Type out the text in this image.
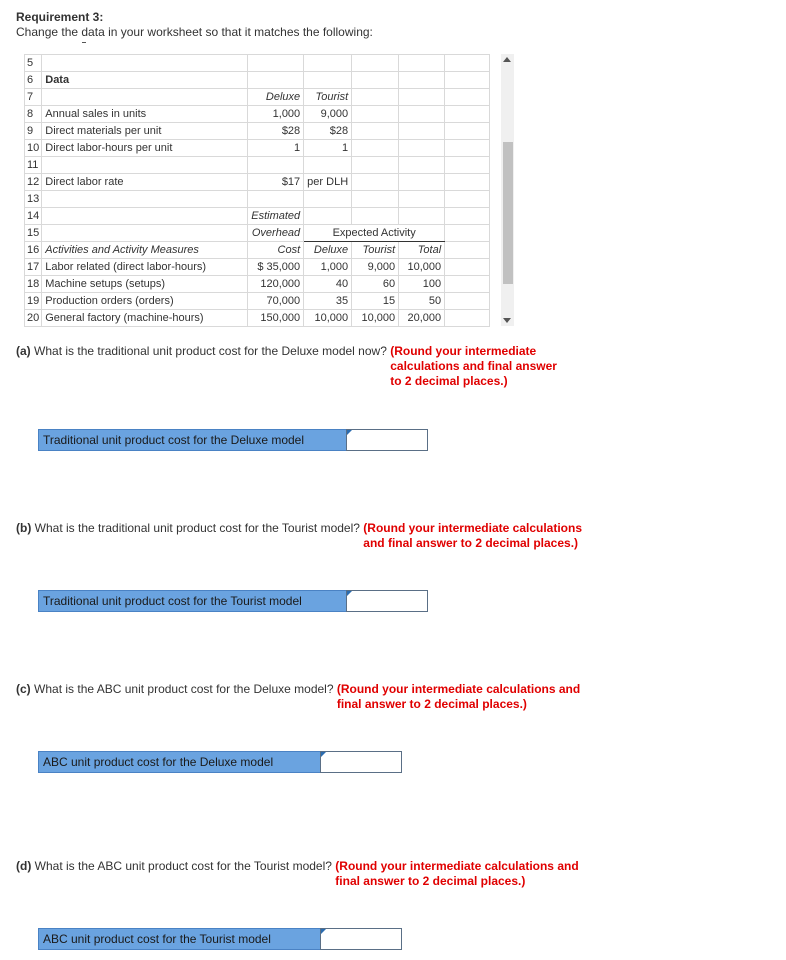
Requirement 3:
Change the data in your worksheet so that it matches the following:
5						
6	Data					
7		Deluxe	Tourist			
8	Annual sales in units	1,000	9,000			
9	Direct materials per unit	$28	$28			
10	Direct labor-hours per unit	1	1			
11						
12	Direct labor rate	$17	per DLH			
13						
14		Estimated				
15		Overhead	Expected Activity			
16	Activities and Activity Measures	Cost	Deluxe	Tourist	Total	
17	Labor related (direct labor-hours)	$ 35,000	1,000	9,000	10,000	
18	Machine setups (setups)	120,000	40	60	100	
19	Production orders (orders)	70,000	35	15	50	
20	General factory (machine-hours)	150,000	10,000	10,000	20,000	
(a) What is the traditional unit product cost for the Deluxe model now? (Round your intermediate calculations and final answer to 2 decimal places.)
Traditional unit product cost for the Deluxe model
(b) What is the traditional unit product cost for the Tourist model? (Round your intermediate calculations and final answer to 2 decimal places.)
Traditional unit product cost for the Tourist model
(c) What is the ABC unit product cost for the Deluxe model? (Round your intermediate calculations and final answer to 2 decimal places.)
ABC unit product cost for the Deluxe model
(d) What is the ABC unit product cost for the Tourist model? (Round your intermediate calculations and final answer to 2 decimal places.)
ABC unit product cost for the Tourist model
